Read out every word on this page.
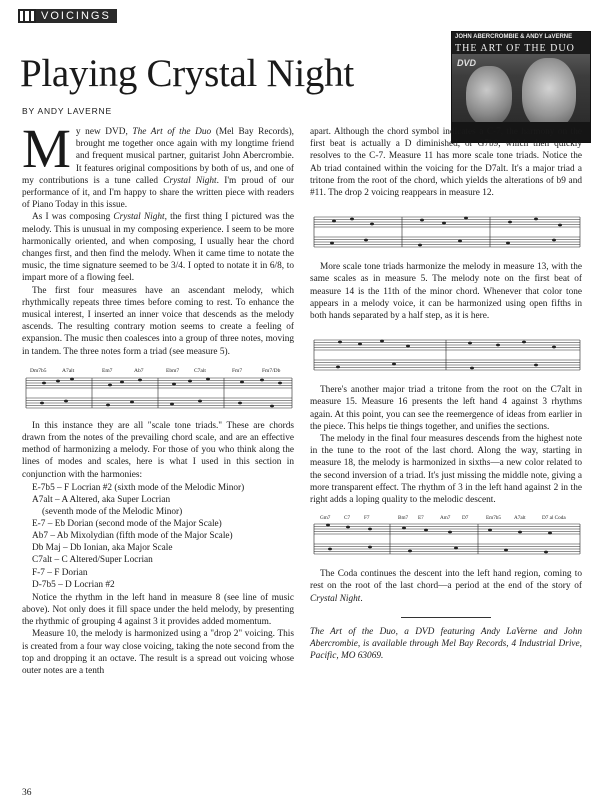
VOICINGS
Playing Crystal Night
BY ANDY LAVERNE
JOHN ABERCROMBIE & ANDY LaVERNE
THE ART OF THE DUO
DVD

My new DVD, The Art of the Duo (Mel Bay Records), brought me together once again with my longtime friend and frequent musical partner, guitarist John Abercrombie. It features original compositions by both of us, and one of my contributions is a tune called Crystal Night. I'm proud of our performance of it, and I'm happy to share the written piece with readers of Piano Today in this issue.

As I was composing Crystal Night, the first thing I pictured was the melody. This is unusual in my composing experience. I seem to be more harmonically oriented, and when composing, I usually hear the chord changes first, and then find the melody. When it came time to notate the music, the time signature seemed to be 3/4. I opted to notate it in 6/8, to impart more of a flowing feel.

The first four measures have an ascendant melody, which rhythmically repeats three times before coming to rest. To enhance the musical interest, I inserted an inner voice that descends as the melody ascends. The resulting contrary motion seems to create a feeling of expansion. The music then coalesces into a group of three notes, moving in tandem. The three notes form a triad (see measure 5).

Dm7b5	A7alt	Em7	Ab7	Ebm7	C7alt	Fm7	Fm7/Db

In this instance they are all "scale tone triads." These are chords drawn from the notes of the prevailing chord scale, and are an effective method of harmonizing a melody. For those of you who think along the lines of modes and scales, here is what I used in this section in conjunction with the harmonies:

E-7b5 – F Locrian #2 (sixth mode of the Melodic Minor)
A7alt – A Altered, aka Super Locrian
(seventh mode of the Melodic Minor)
E-7 – Eb Dorian (second mode of the Major Scale)
Ab7 – Ab Mixolydian (fifth mode of the Major Scale)
Db Maj – Db Ionian, aka Major Scale
C7alt – C Altered/Super Locrian
F-7 – F Dorian
D-7b5 – D Locrian #2

Notice the rhythm in the left hand in measure 8 (see line of music above). Not only does it fill space under the held melody, by presenting the rhythmic of grouping 4 against 3 it provides added momentum.

Measure 10, the melody is harmonized using a "drop 2" voicing. This is created from a four way close voicing, taking the note second from the top and dropping it an octave. The result is a spread out voicing whose outer notes are a tenth

apart. Although the chord symbol indicates a C-7, the harmony on the first beat is actually a D diminished, or G7b9, which then quickly resolves to the C-7. Measure 11 has more scale tone triads. Notice the Ab triad contained within the voicing for the D7alt. It's a major triad a tritone from the root of the chord, which yields the alterations of b9 and #11. The drop 2 voicing reappears in measure 12.

More scale tone triads harmonize the melody in measure 13, with the same scales as in measure 5. The melody note on the first beat of measure 14 is the 11th of the minor chord. Whenever that color tone appears in a melody voice, it can be harmonized using open fifths in both hands separated by a half step, as it is here.

There's another major triad a tritone from the root on the C7alt in measure 15. Measure 16 presents the left hand 4 against 3 rhythms again. At this point, you can see the reemergence of ideas from earlier in the piece. This helps tie things together, and unifies the sections.

The melody in the final four measures descends from the highest note in the tune to the root of the last chord. Along the way, starting in measure 18, the melody is harmonized in sixths—a new color related to the second inversion of a triad. It's just missing the middle note, giving a more transparent effect. The rhythm of 3 in the left hand against 2 in the right adds a loping quality to the melodic descent.

Gm7	C7	F7	Bm7 E7	Am7 D7	Em7b5	A7alt	D7 al Coda

The Coda continues the descent into the left hand region, coming to rest on the root of the last chord—a period at the end of the story of Crystal Night.

The Art of the Duo, a DVD featuring Andy LaVerne and John Abercrombie, is available through Mel Bay Records, 4 Industrial Drive, Pacific, MO 63069.

36
